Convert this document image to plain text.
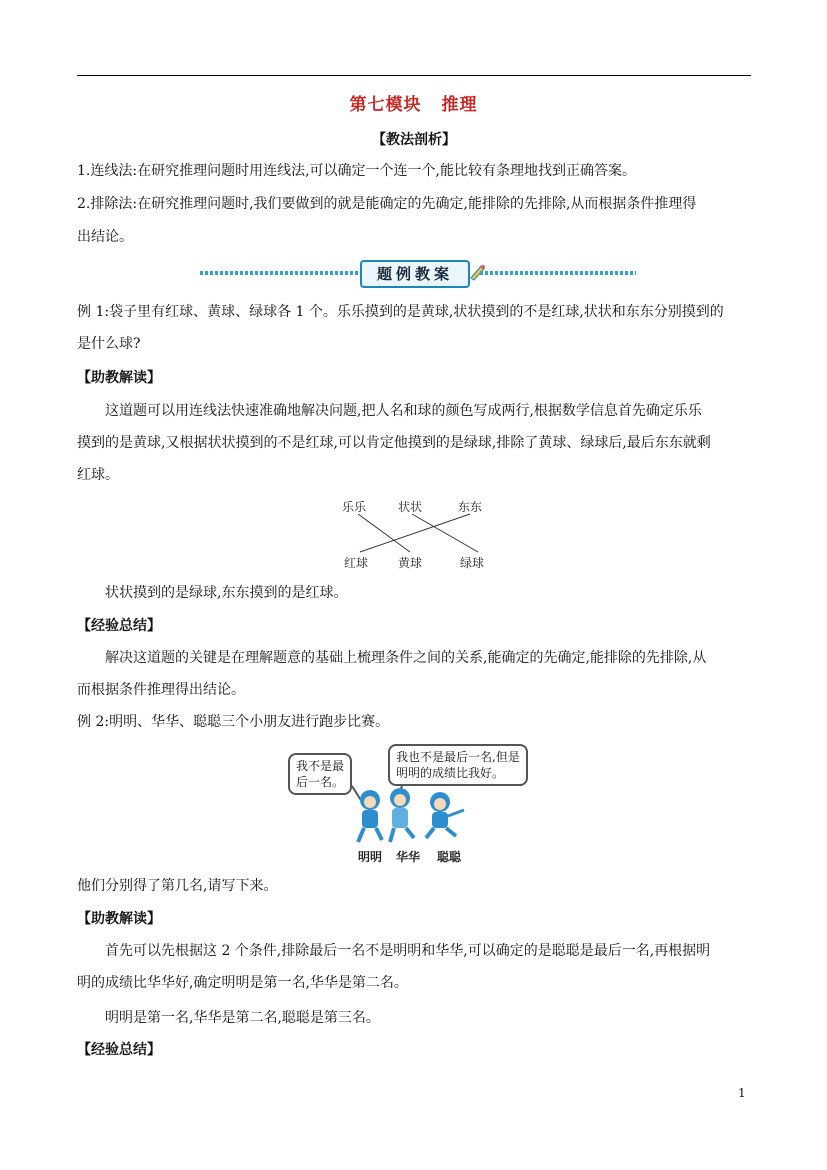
第七模块 推理
【教法剖析】
1.连线法:在研究推理问题时用连线法,可以确定一个连一个,能比较有条理地找到正确答案。
2.排除法:在研究推理问题时,我们要做到的就是能确定的先确定,能排除的先排除,从而根据条件推理得
出结论。
题例教案
例 1:袋子里有红球、黄球、绿球各 1 个。乐乐摸到的是黄球,状状摸到的不是红球,状状和东东分别摸到的
是什么球?
【助教解读】
这道题可以用连线法快速准确地解决问题,把人名和球的颜色写成两行,根据数学信息首先确定乐乐
摸到的是黄球,又根据状状摸到的不是红球,可以肯定他摸到的是绿球,排除了黄球、绿球后,最后东东就剩
红球。
乐乐	状状	东东
红球 黄球	绿球
状状摸到的是绿球,东东摸到的是红球。
【经验总结】
解决这道题的关键是在理解题意的基础上梳理条件之间的关系,能确定的先确定,能排除的先排除,从
而根据条件推理得出结论。
例 2:明明、华华、聪聪三个小朋友进行跑步比赛。
我不是最
后一名。
我也不是最后一名,但是
明明的成绩比我好。
明明 华华 聪聪
他们分别得了第几名,请写下来。
【助教解读】
首先可以先根据这 2 个条件,排除最后一名不是明明和华华,可以确定的是聪聪是最后一名,再根据明
明的成绩比华华好,确定明明是第一名,华华是第二名。
明明是第一名,华华是第二名,聪聪是第三名。
【经验总结】
1
